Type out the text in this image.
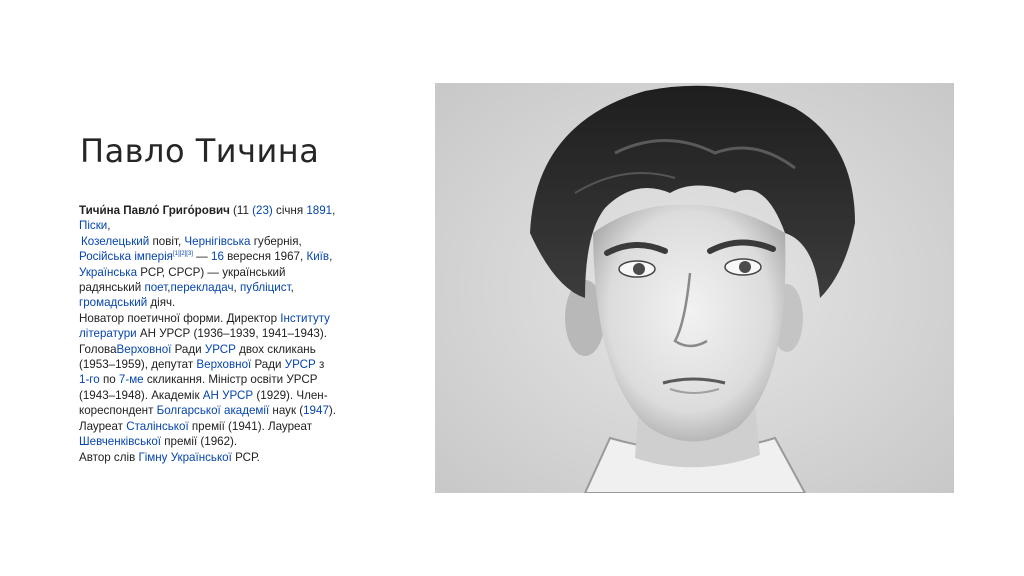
Павло Тичина
Тичи́на Павло́ Григо́рович (11 (23) січня 1891,
Піски,
Козелецький повіт, Чернігівська губернія,
Російська імперія[1][2][3] — 16 вересня 1967, Київ,
Українська РСР, СРСР) — український
радянський поет,перекладач, публіцист,
громадський діяч.
Новатор поетичної форми. Директор Інституту
літератури АН УРСР (1936–1939, 1941–1943).
ГоловаВерховної Ради УРСР двох скликань
(1953–1959), депутат Верховної Ради УРСР з
1-го по 7-ме скликання. Міністр освіти УРСР
(1943–1948). Академік АН УРСР (1929). Член-
кореспондент Болгарської академії наук (1947).
Лауреат Сталінської премії (1941). Лауреат
Шевченківської премії (1962).
Автор слів Гімну Української РСР.
